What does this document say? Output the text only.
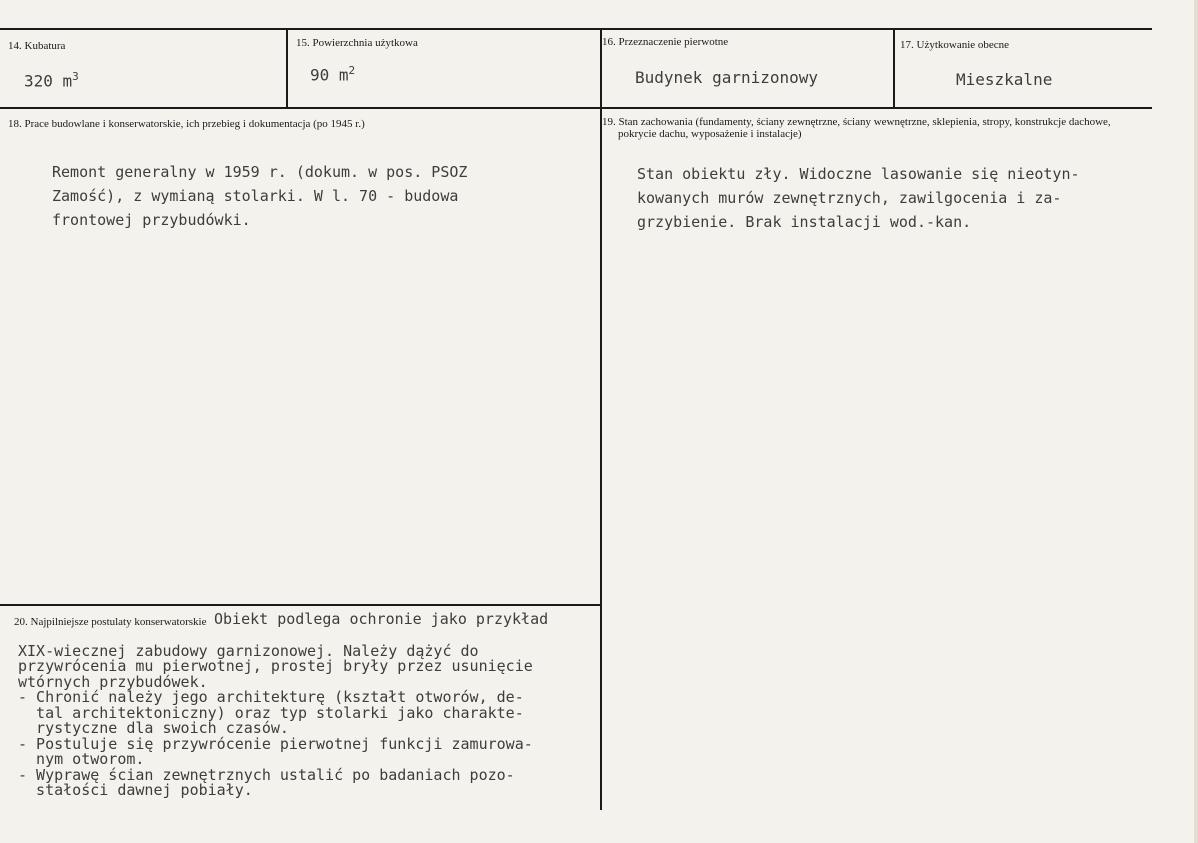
14. Kubatura
320 $m^3$
15. Powierzchnia użytkowa
90 $m^2$
16. Przeznaczenie pierwotne
Budynek garnizonowy
17. Użytkowanie obecne
Mieszkalne
18. Prace budowlane i konserwatorskie, ich przebieg i dokumentacja (po 1945 r.)
Remont generalny w 1959 r. (dokum. w pos. PSOZ
Zamość), z wymianą stolarki. W l. 70 - budowa
frontowej przybudówki.
19. Stan zachowania (fundamenty, ściany zewnętrzne, ściany wewnętrzne, sklepienia, stropy, konstrukcje dachowe,
pokrycie dachu, wyposażenie i instalacje)
Stan obiektu zły. Widoczne lasowanie się nieotyn-
kowanych murów zewnętrznych, zawilgocenia i za-
grzybienie. Brak instalacji wod.-kan.
20. Najpilniejsze postulaty konserwatorskie Obiekt podlega ochronie jako przykład

XIX-wiecznej zabudowy garnizonowej. Należy dążyć do
przywrócenia mu pierwotnej, prostej bryły przez usunięcie
wtórnych przybudówek.
- Chronić należy jego architekturę (kształt otworów, de-
tal architektoniczny) oraz typ stolarki jako charakte-
rystyczne dla swoich czasów.
- Postuluje się przywrócenie pierwotnej funkcji zamurowa-
nym otworom.
- Wyprawę ścian zewnętrznych ustalić po badaniach pozo-
stałości dawnej pobiały.
